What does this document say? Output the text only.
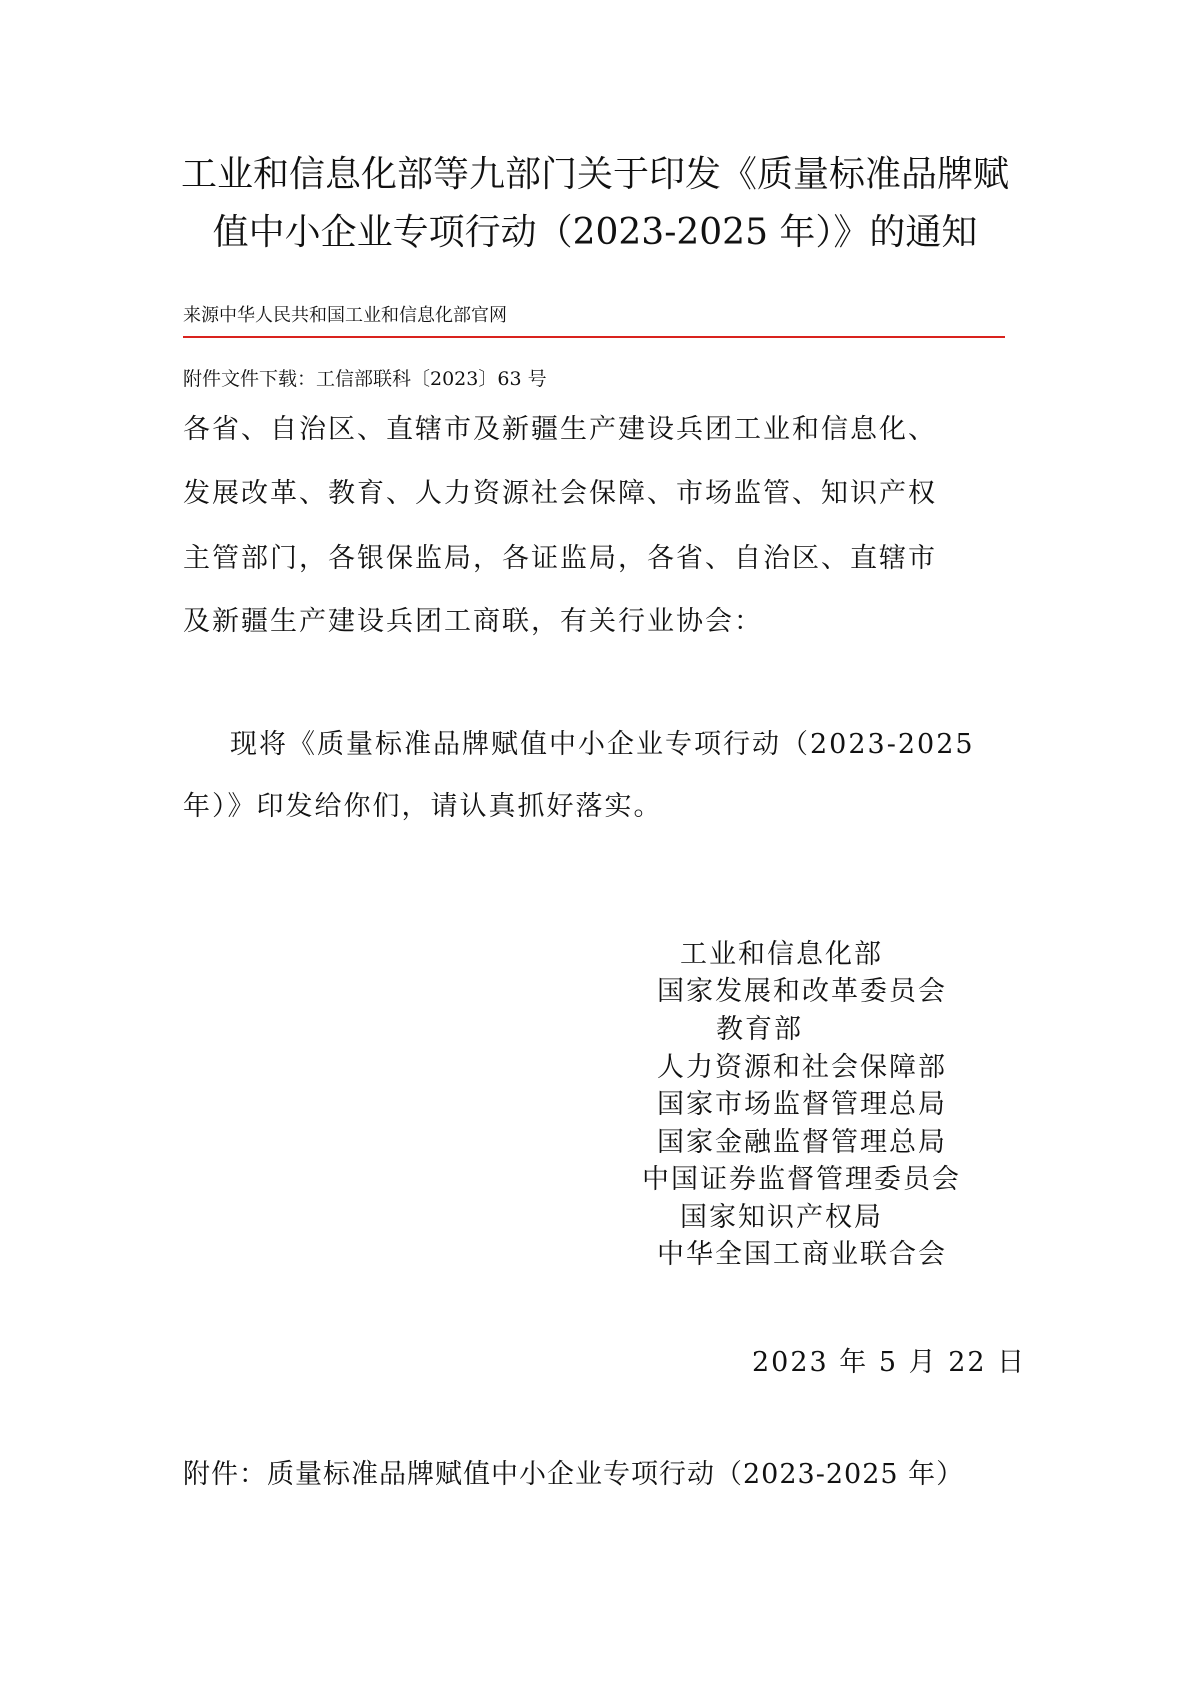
工业和信息化部等九部门关于印发《质量标准品牌赋
值中小企业专项行动（2023-2025 年）》的通知
来源中华人民共和国工业和信息化部官网
附件文件下载：工信部联科〔2023〕63 号

各省、自治区、直辖市及新疆生产建设兵团工业和信息化、

发展改革、教育、人力资源社会保障、市场监管、知识产权

主管部门，各银保监局，各证监局，各省、自治区、直辖市

及新疆生产建设兵团工商联，有关行业协会：

现将《质量标准品牌赋值中小企业专项行动（2023-2025

年）》印发给你们，请认真抓好落实。

工业和信息化部
国家发展和改革委员会
教育部
人力资源和社会保障部
国家市场监督管理总局
国家金融监督管理总局
中国证券监督管理委员会
国家知识产权局
中华全国工商业联合会
2023 年 5 月 22 日
附件：质量标准品牌赋值中小企业专项行动（2023-2025 年）
